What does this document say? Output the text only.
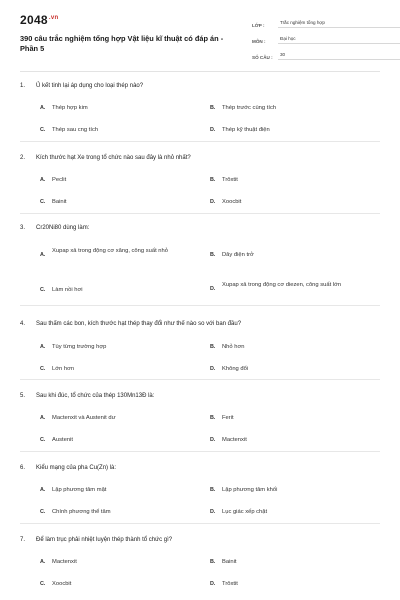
$2048^{.vn}$
390 câu trắc nghiệm tổng hợp Vật liệu kĩ thuật có đáp án - Phần 5
LỚP :
Trắc nghiệm tổng hợp
MÔN :
Đại học
SỐ CÂU :
30
1.	Ủ kết tinh lại áp dụng cho loại thép nào?
A.	Thép hợp kim	B.	Thép trước cùng tích
C.	Thép sau cng tích	D.	Thép kỹ thuật điện
2.	Kích thước hạt Xe trong tổ chức nào sau đây là nhỏ nhất?
A.	Peclit	B.	Trôxtit
C.	Bainit	D.	Xoocbit
3.	Cr20Ni80 dùng làm:
A.
Xupap xả trong động cơ xăng, công suất nhỏ
B.	Dây điện trở
C.	Làm nồi hơi	D.
Xupap xả trong động cơ diezen, công suất lớn
4.	Sau thấm các bon, kích thước hạt thép thay đổi như thế nào so với ban đầu?
A.	Tùy từng trường hợp	B.	Nhỏ hơn
C.	Lớn hơn	D.	Không đổi
5.	Sau khi đúc, tổ chức của thép 130Mn13Đ là:
A.	Mactenxit và Austenit dư	B.	Ferit
C.	Austenit	D.	Mactenxit
6.	Kiểu mạng của pha Cu(Zn) là:
A.	Lập phương tâm mặt	B.	Lập phương tâm khối
C.	Chính phương thể tâm	D.	Lục giác xếp chặt
7.	Để làm trục phải nhiệt luyện thép thành tổ chức gì?
A.	Mactenxit	B.	Bainit
C.	Xoocbit	D.	Trôxtit
